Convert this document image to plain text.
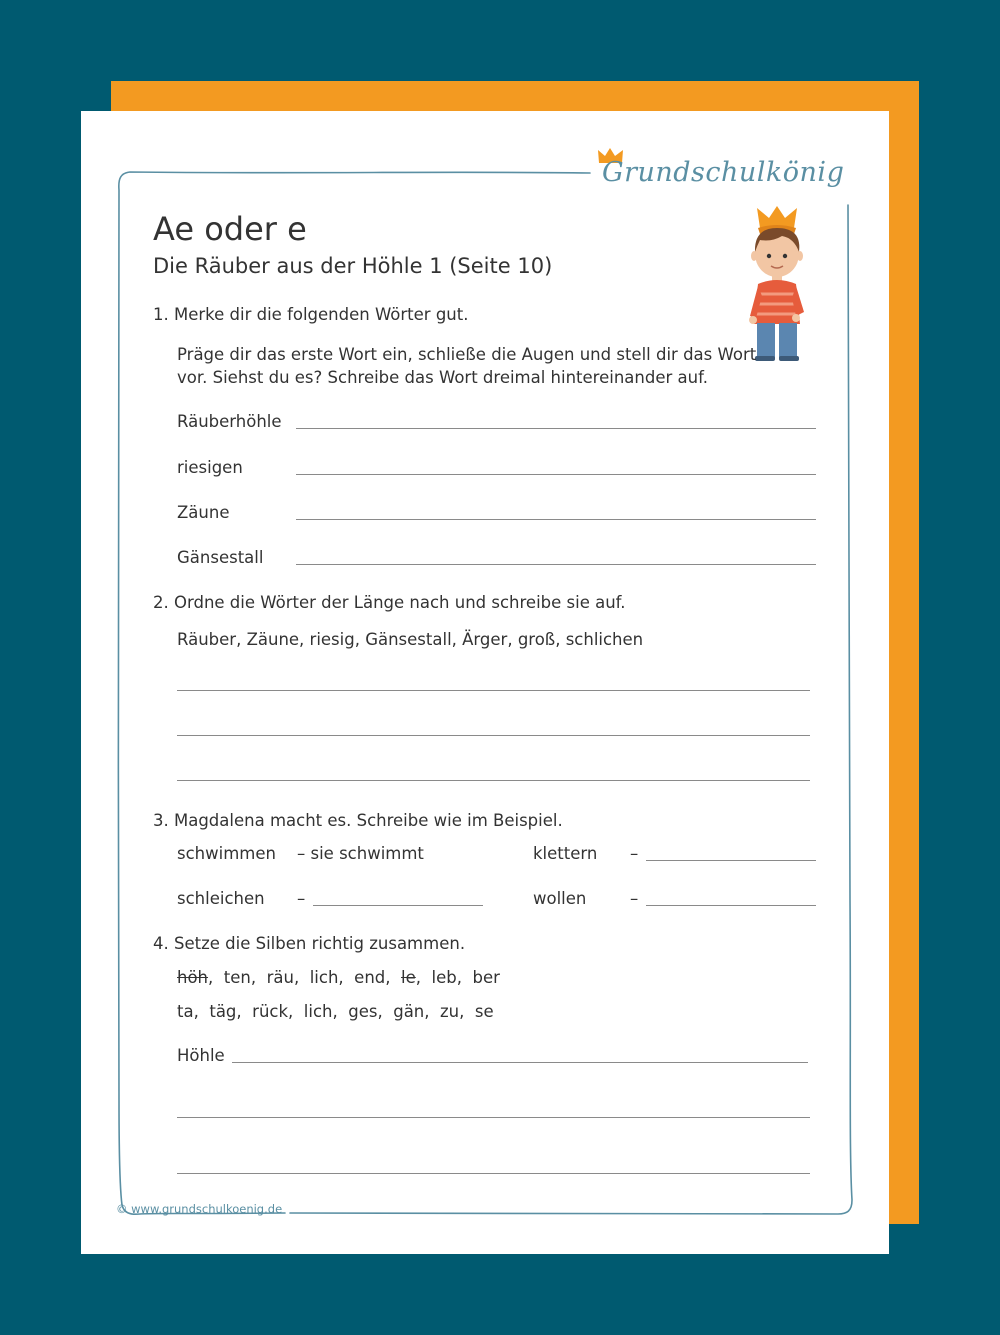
Grundschulkönig
Ae oder e
Die Räuber aus der Höhle 1 (Seite 10)
1. Merke dir die folgenden Wörter gut.
Präge dir das erste Wort ein, schließe die Augen und stell dir das Wort
vor. Siehst du es? Schreibe das Wort dreimal hintereinander auf.
Räuberhöhle
riesigen
Zäune
Gänsestall
2. Ordne die Wörter der Länge nach und schreibe sie auf.
Räuber, Zäune, riesig, Gänsestall, Ärger, groß, schlichen
3. Magdalena macht es. Schreibe wie im Beispiel.
schwimmen – sie schwimmt	klettern –
schleichen –	wollen	–
4. Setze die Silben richtig zusammen.
höh,  ten,  räu,  lich,  end,  le,  leb,  ber
ta,  täg,  rück,  lich,  ges,  gän,  zu,  se
Höhle
© www.grundschulkoenig.de
